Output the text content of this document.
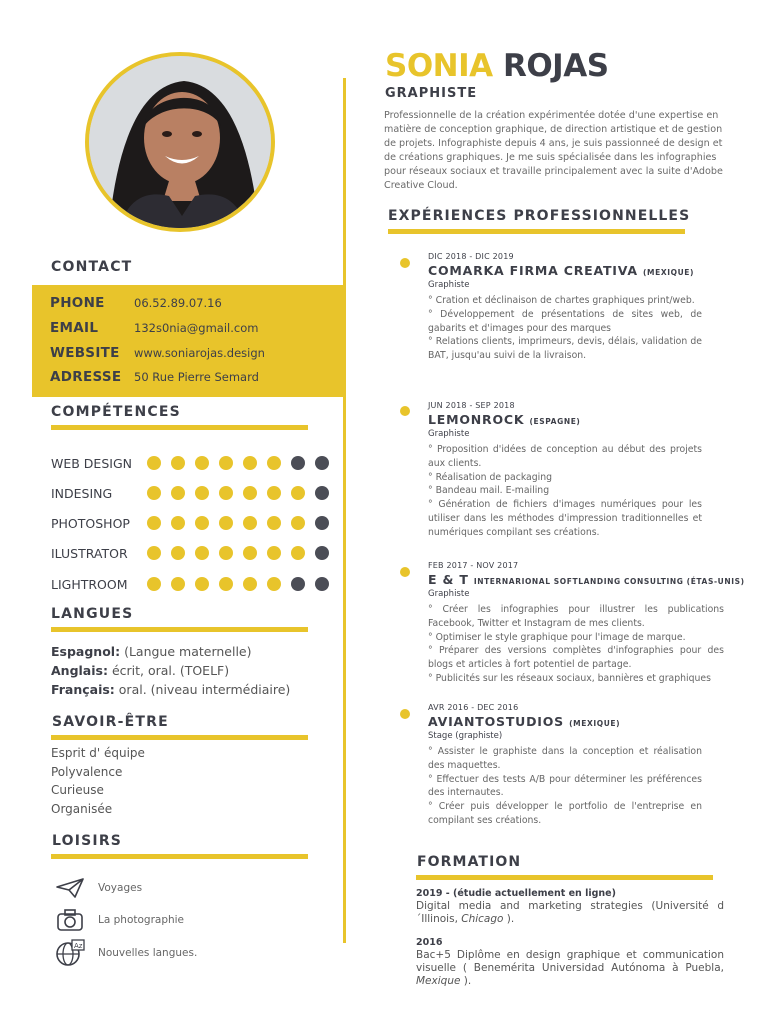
CONTACT
PHONE	06.52.89.07.16
EMAIL	132s0nia@gmail.com
WEBSITE	www.soniarojas.design
ADRESSE	50 Rue Pierre Semard
COMPÉTENCES
WEB DESIGN
INDESING
PHOTOSHOP
ILUSTRATOR
LIGHTROOM
LANGUES
Espagnol: (Langue maternelle)
Anglais: écrit, oral. (TOELF)
Français: oral. (niveau intermédiaire)
SAVOIR-ÊTRE
Esprit d' équipe
Polyvalence
Curieuse
Organisée
LOISIRS
Voyages
La photographie
Az
Nouvelles langues.
SONIA ROJAS
GRAPHISTE
Professionnelle de la création expérimentée dotée d'une expertise en matière de conception graphique, de direction artistique et de gestion de projets. Infographiste depuis 4 ans, je suis passionneé de design et de créations graphiques. Je me suis spécialisée dans les infographies pour réseaux sociaux et travaille principalement avec la suite d'Adobe Creative Cloud.
EXPÉRIENCES PROFESSIONNELLES
DIC 2018 - DIC 2019
COMARKA FIRMA CREATIVA (MEXIQUE)
Graphiste
° Cration et déclinaison de chartes graphiques print/web.
° Développement de présentations de sites web, de gabarits et d'images pour des marques
° Relations clients, imprimeurs, devis, délais, validation de BAT, jusqu'au suivi de la livraison.
JUN 2018 - SEP 2018
LEMONROCK (ESPAGNE)
Graphiste
° Proposition d'idées de conception au début des projets aux clients.
° Réalisation de packaging
° Bandeau mail. E-mailing
° Génération de fichiers d'images numériques pour les utiliser dans les méthodes d'impression traditionnelles et numériques compilant ses créations.
FEB 2017 - NOV 2017
E & T INTERNARIONAL SOFTLANDING CONSULTING (ÉTAS-UNIS)
Graphiste
° Créer les infographies pour illustrer les publications Facebook, Twitter et Instagram de mes clients.
° Optimiser le style graphique pour l'image de marque.
° Préparer des versions complètes d'infographies pour des blogs et articles à fort potentiel de partage.
° Publicités sur les réseaux sociaux, bannières et graphiques
AVR 2016 - DEC 2016
AVIANTOSTUDIOS (MEXIQUE)
Stage (graphiste)
° Assister le graphiste dans la conception et réalisation des maquettes.
° Effectuer des tests A/B pour déterminer les préférences des internautes.
° Créer puis développer le portfolio de l'entreprise en compilant ses créations.
FORMATION
2019 - (étudie actuellement en ligne)
Digital media and marketing strategies (Université d´Illinois, Chicago ).
2016
Bac+5 Diplôme en design graphique et communication visuelle ( Benemérita Universidad Autónoma à Puebla, Mexique ).
